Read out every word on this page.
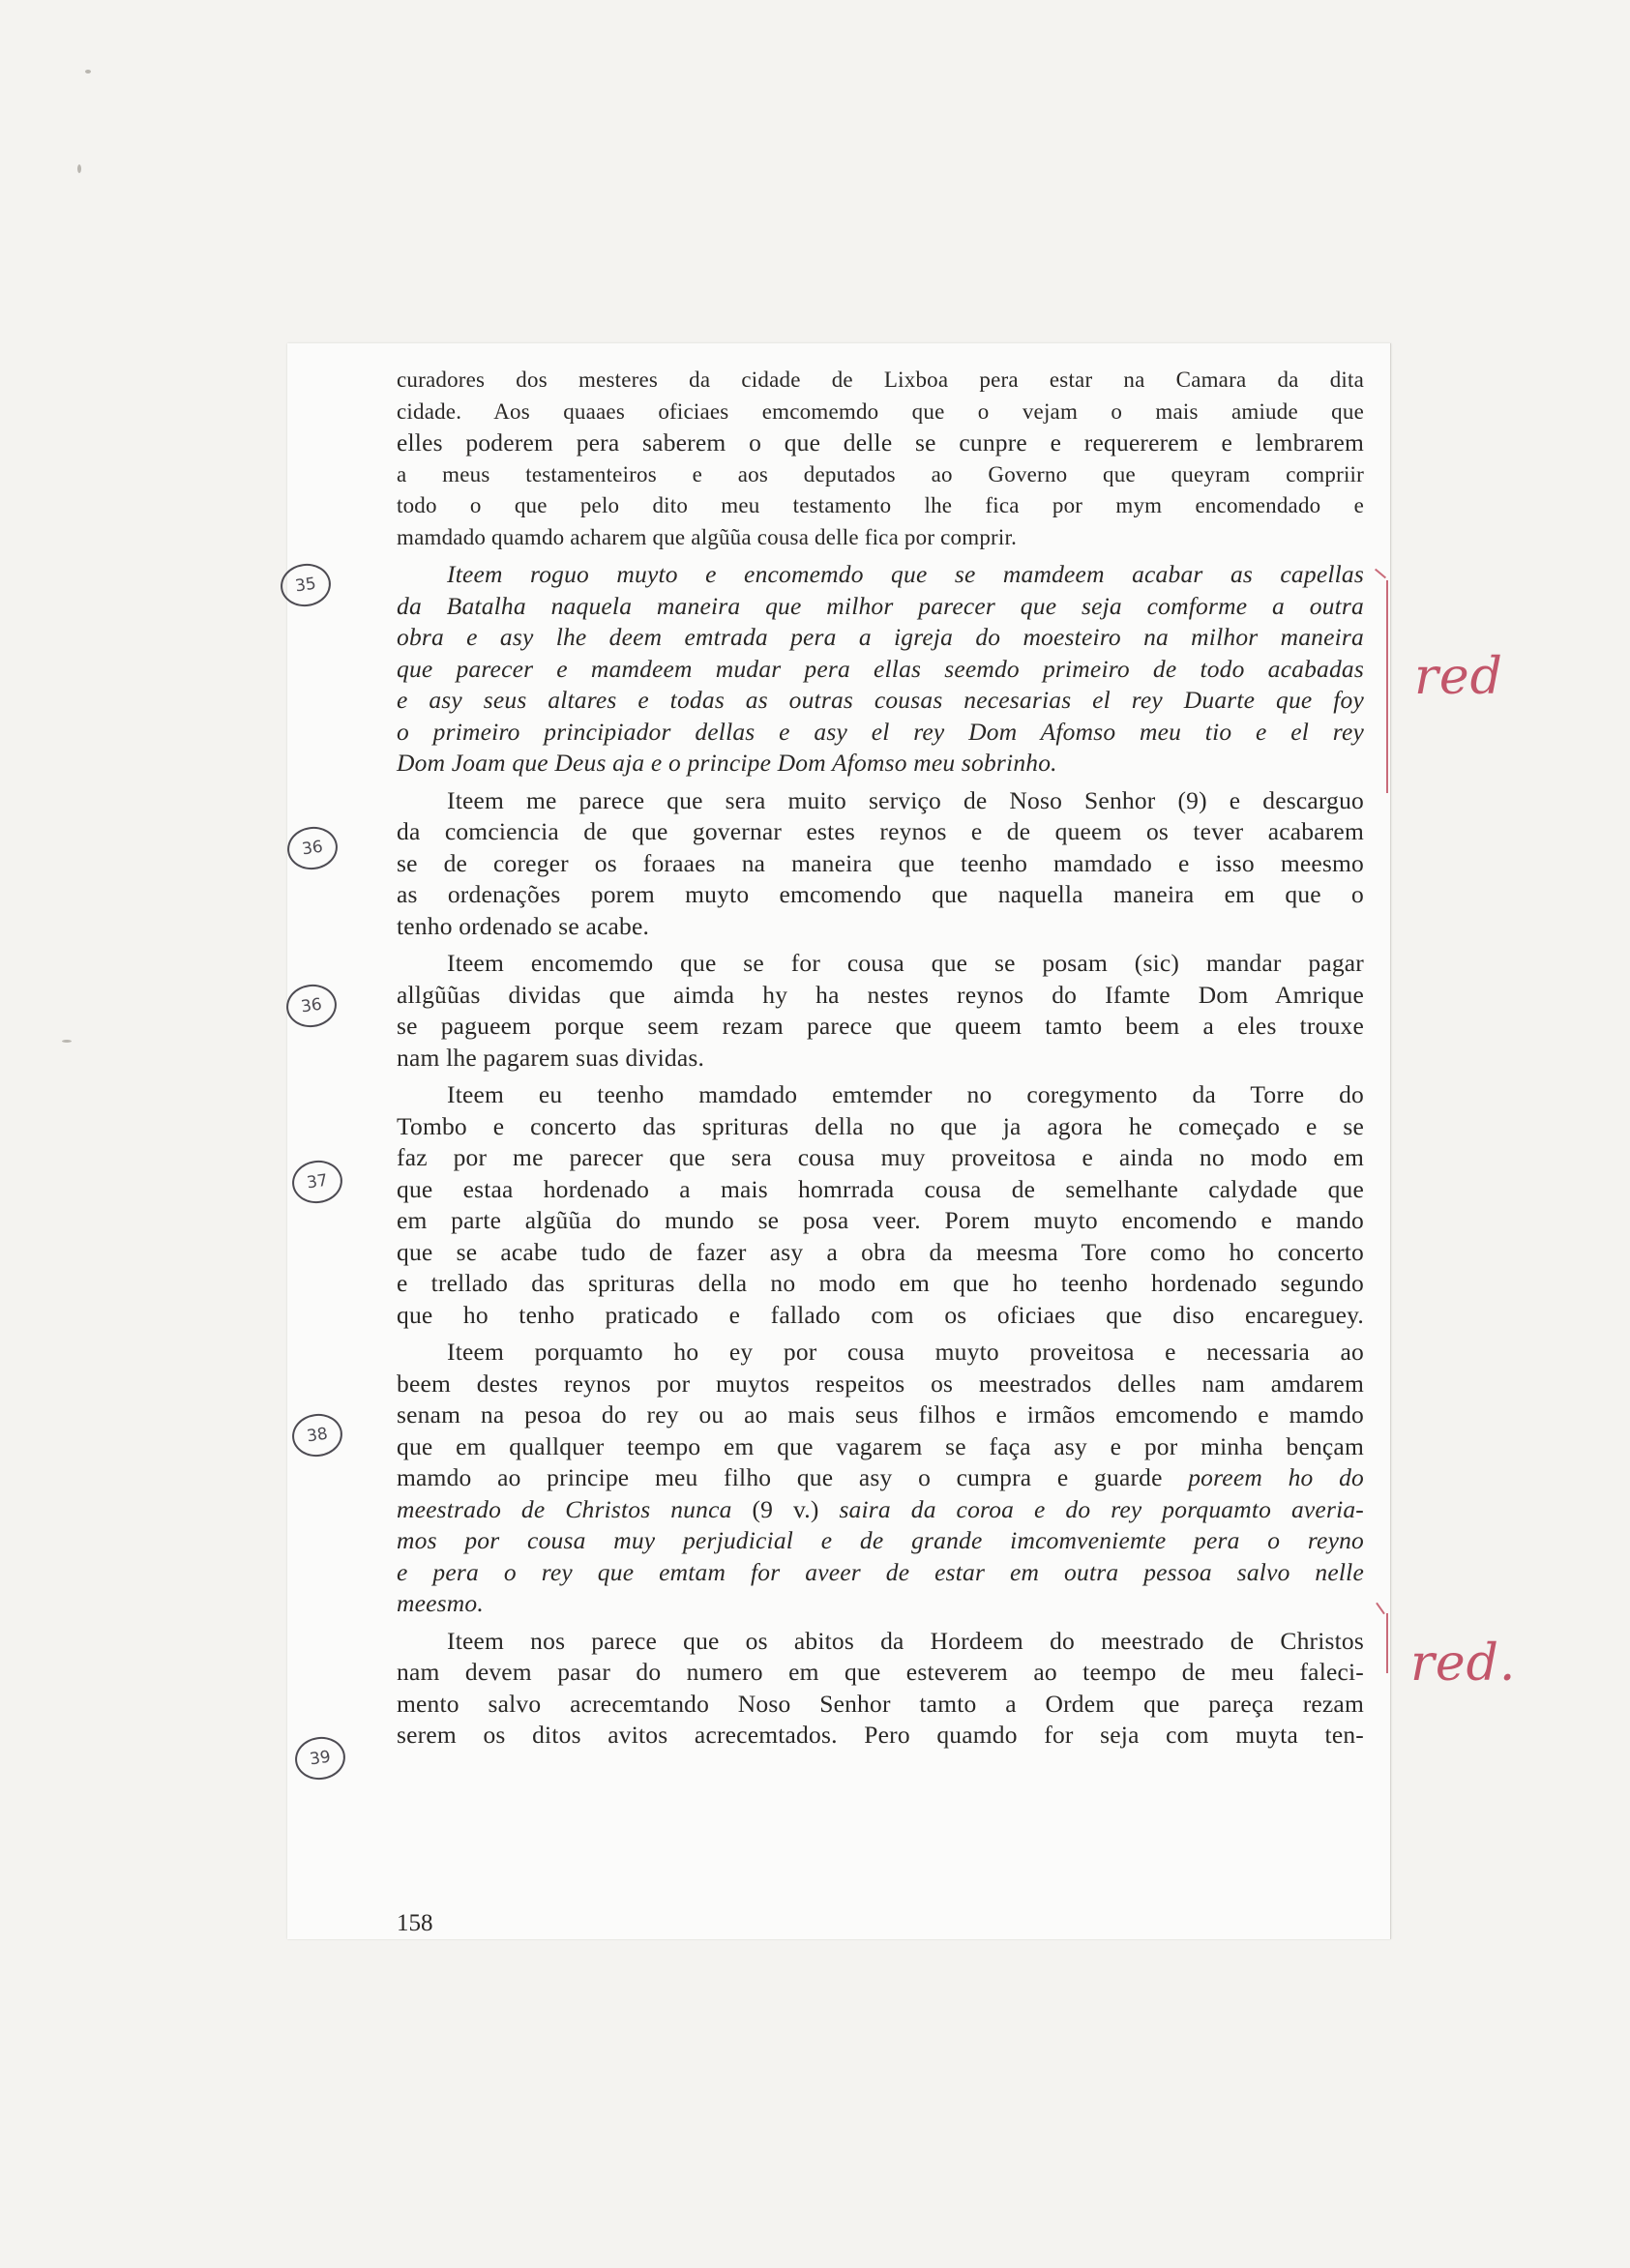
curadores dos mesteres da cidade de Lixboa pera estar na Camara da dita
cidade. Aos quaaes oficiaes emcomemdo que o vejam o mais amiude que
elles poderem pera saberem o que delle se cunpre e requererem e lembrarem
a meus testamenteiros e aos deputados ao Governo que queyram compriir
todo o que pelo dito meu testamento lhe fica por mym encomendado e
mamdado quamdo acharem que algũũa cousa delle fica por comprir.
Iteem roguo muyto e encomemdo que se mamdeem acabar as capellas
da Batalha naquela maneira que milhor parecer que seja comforme a outra
obra e asy lhe deem emtrada pera a igreja do moesteiro na milhor maneira
que parecer e mamdeem mudar pera ellas seemdo primeiro de todo acabadas
e asy seus altares e todas as outras cousas necesarias el rey Duarte que foy
o primeiro principiador dellas e asy el rey Dom Afomso meu tio e el rey
Dom Joam que Deus aja e o principe Dom Afomso meu sobrinho.
Iteem me parece que sera muito serviço de Noso Senhor (9) e descarguo
da comciencia de que governar estes reynos e de queem os tever acabarem
se de coreger os foraaes na maneira que teenho mamdado e isso meesmo
as ordenações porem muyto emcomendo que naquella maneira em que o
tenho ordenado se acabe.
Iteem encomemdo que se for cousa que se posam (sic) mandar pagar
allgũũas dividas que aimda hy ha nestes reynos do Ifamte Dom Amrique
se pagueem porque seem rezam parece que queem tamto beem a eles trouxe
nam lhe pagarem suas dividas.
Iteem eu teenho mamdado emtemder no coregymento da Torre do
Tombo e concerto das sprituras della no que ja agora he começado e se
faz por me parecer que sera cousa muy proveitosa e ainda no modo em
que estaa hordenado a mais homrrada cousa de semelhante calydade que
em parte algũũa do mundo se posa veer. Porem muyto encomendo e mando
que se acabe tudo de fazer asy a obra da meesma Tore como ho concerto
e trellado das sprituras della no modo em que ho teenho hordenado segundo
que ho tenho praticado e fallado com os oficiaes que diso encareguey.
Iteem porquamto ho ey por cousa muyto proveitosa e necessaria ao
beem destes reynos por muytos respeitos os meestrados delles nam amdarem
senam na pesoa do rey ou ao mais seus filhos e irmãos emcomendo e mamdo
que em quallquer teempo em que vagarem se faça asy e por minha bençam
mamdo ao principe meu filho que asy o cumpra e guarde poreem ho do
meestrado de Christos nunca (9 v.) saira da coroa e do rey porquamto averia-
mos por cousa muy perjudicial e de grande imcomveniemte pera o reyno
e pera o rey que emtam for aveer de estar em outra pessoa salvo nelle
meesmo.
Iteem nos parece que os abitos da Hordeem do meestrado de Christos
nam devem pasar do numero em que esteverem ao teempo de meu faleci-
mento salvo acrecemtando Noso Senhor tamto a Ordem que pareça rezam
serem os ditos avitos acrecemtados. Pero quamdo for seja com muyta ten-
158
35
36
36
37
38
39
red
red.
